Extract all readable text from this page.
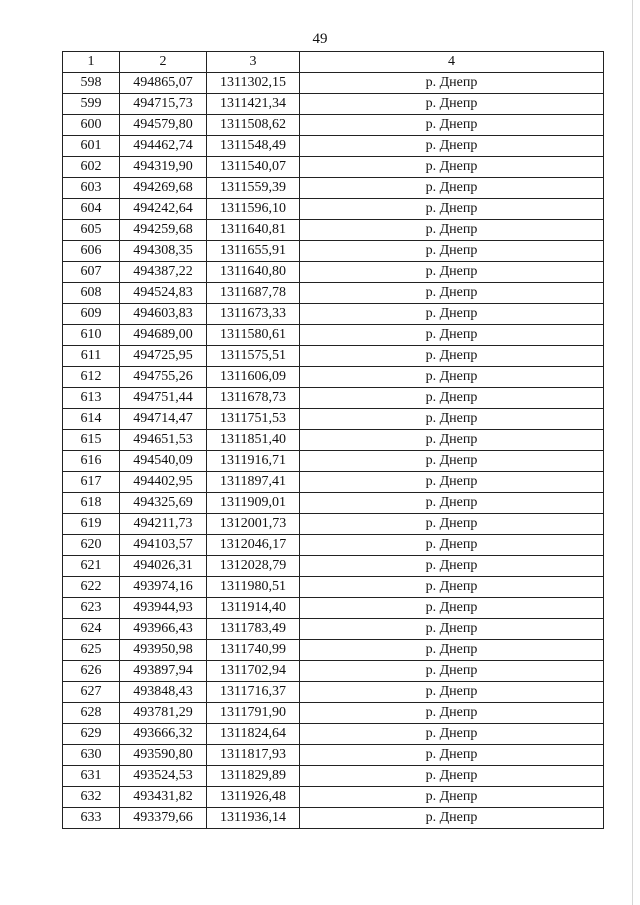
49
1	2	3	4
598	494865,07	1311302,15	р. Днепр
599	494715,73	1311421,34	р. Днепр
600	494579,80	1311508,62	р. Днепр
601	494462,74	1311548,49	р. Днепр
602	494319,90	1311540,07	р. Днепр
603	494269,68	1311559,39	р. Днепр
604	494242,64	1311596,10	р. Днепр
605	494259,68	1311640,81	р. Днепр
606	494308,35	1311655,91	р. Днепр
607	494387,22	1311640,80	р. Днепр
608	494524,83	1311687,78	р. Днепр
609	494603,83	1311673,33	р. Днепр
610	494689,00	1311580,61	р. Днепр
611	494725,95	1311575,51	р. Днепр
612	494755,26	1311606,09	р. Днепр
613	494751,44	1311678,73	р. Днепр
614	494714,47	1311751,53	р. Днепр
615	494651,53	1311851,40	р. Днепр
616	494540,09	1311916,71	р. Днепр
617	494402,95	1311897,41	р. Днепр
618	494325,69	1311909,01	р. Днепр
619	494211,73	1312001,73	р. Днепр
620	494103,57	1312046,17	р. Днепр
621	494026,31	1312028,79	р. Днепр
622	493974,16	1311980,51	р. Днепр
623	493944,93	1311914,40	р. Днепр
624	493966,43	1311783,49	р. Днепр
625	493950,98	1311740,99	р. Днепр
626	493897,94	1311702,94	р. Днепр
627	493848,43	1311716,37	р. Днепр
628	493781,29	1311791,90	р. Днепр
629	493666,32	1311824,64	р. Днепр
630	493590,80	1311817,93	р. Днепр
631	493524,53	1311829,89	р. Днепр
632	493431,82	1311926,48	р. Днепр
633	493379,66	1311936,14	р. Днепр
